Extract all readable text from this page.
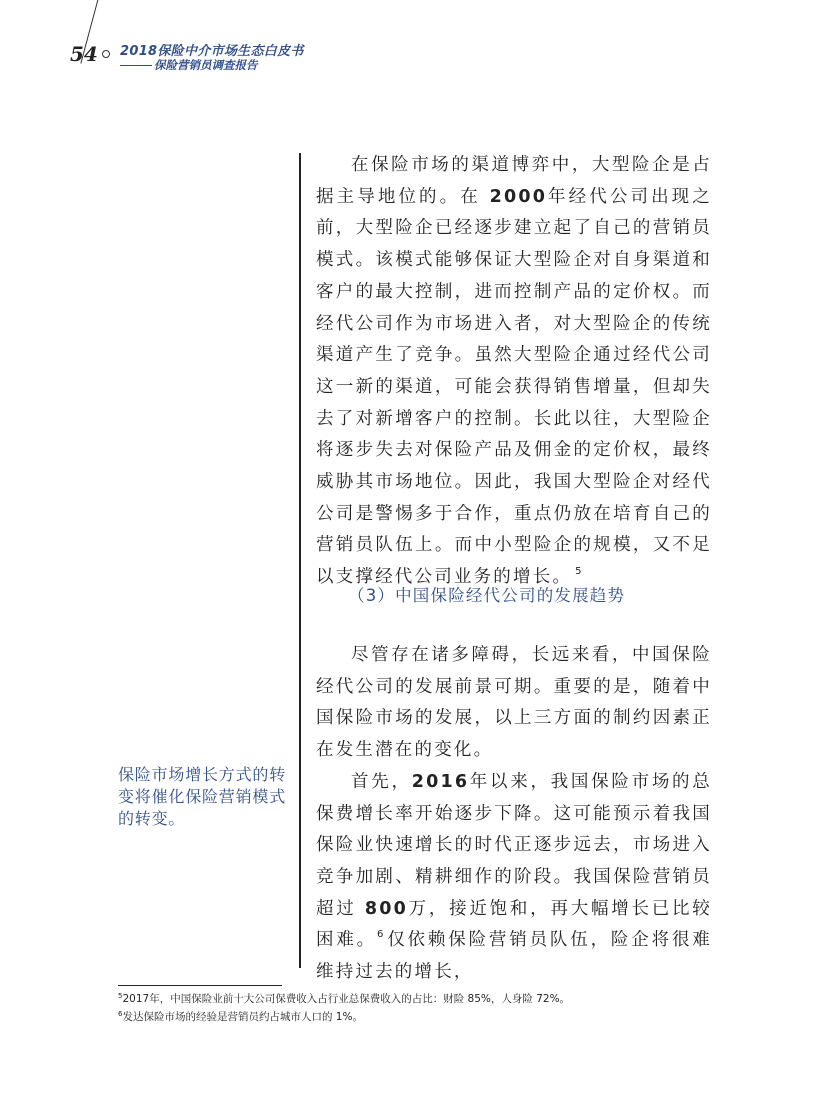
54 2018保险中介市场生态白皮书
保险营销员调查报告

在保险市场的渠道博弈中，大型险企是占据主导地位的。在 2000年经代公司出现之前，大型险企已经逐步建立起了自己的营销员模式。该模式能够保证大型险企对自身渠道和客户的最大控制，进而控制产品的定价权。而经代公司作为市场进入者，对大型险企的传统渠道产生了竞争。虽然大型险企通过经代公司这一新的渠道，可能会获得销售增量，但却失去了对新增客户的控制。长此以往，大型险企将逐步失去对保险产品及佣金的定价权，最终威胁其市场地位。因此，我国大型险企对经代公司是警惕多于合作，重点仍放在培育自己的营销员队伍上。而中小型险企的规模，又不足以支撑经代公司业务的增长。 $^5$

（3）中国保险经代公司的发展趋势

尽管存在诸多障碍，长远来看，中国保险经代公司的发展前景可期。重要的是，随着中国保险市场的发展，以上三方面的制约因素正在发生潜在的变化。

首先，2016年以来，我国保险市场的总保费增长率开始逐步下降。这可能预示着我国保险业快速增长的时代正逐步远去，市场进入竞争加剧、精耕细作的阶段。我国保险营销员超过 800万，接近饱和，再大幅增长已比较困难。$^6$仅依赖保险营销员队伍，险企将很难维持过去的增长，

保险市场增长方式的转变将催化保险营销模式的转变。
$^5$2017年，中国保险业前十大公司保费收入占行业总保费收入的占比：财险 85%，人身险 72%。
$^6$发达保险市场的经验是营销员约占城市人口的 1%。
